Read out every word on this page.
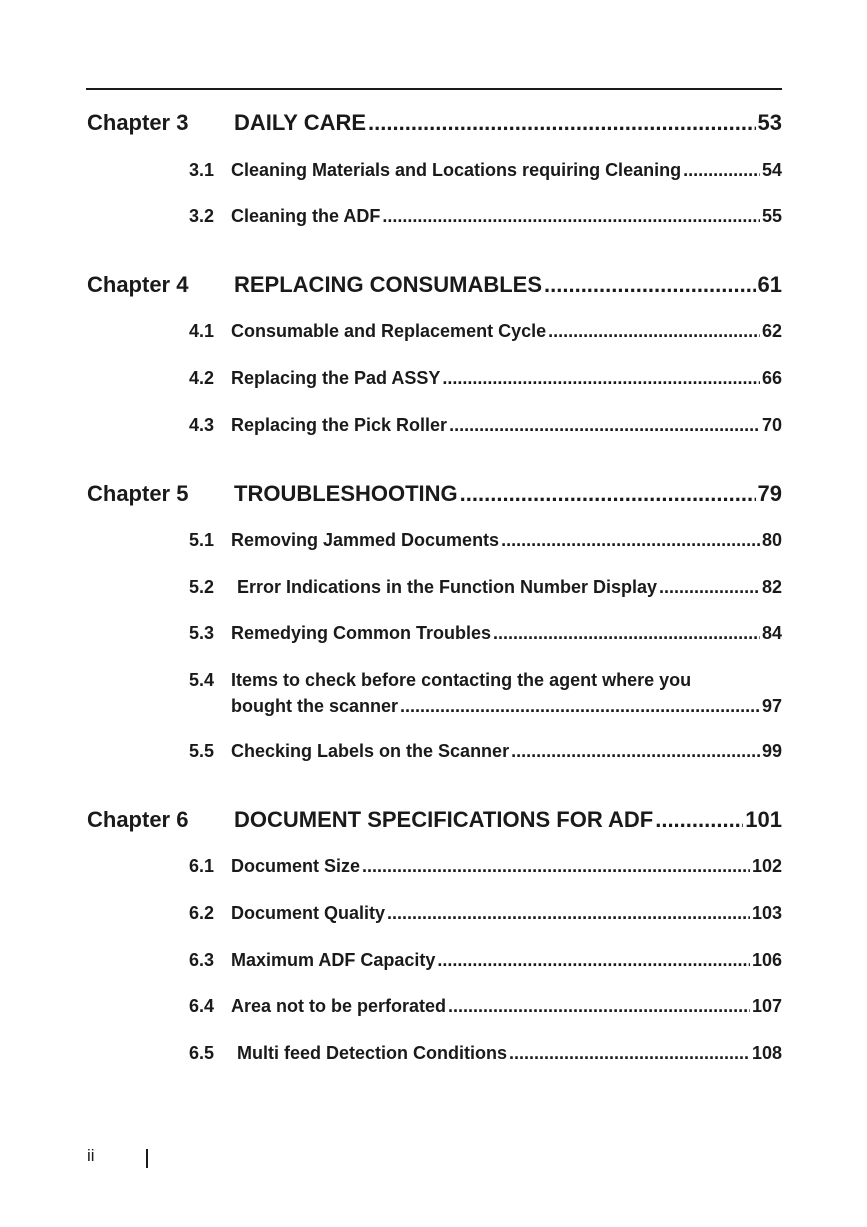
Chapter 3	DAILY CARE .....	53
3.1 Cleaning Materials and Locations requiring Cleaning .....	54
3.2 Cleaning the ADF .....	55
Chapter 4	REPLACING CONSUMABLES .....	61
4.1 Consumable and Replacement Cycle .....	62
4.2 Replacing the Pad ASSY .....	66
4.3 Replacing the Pick Roller .....	70
Chapter 5	TROUBLESHOOTING .....	79
5.1 Removing Jammed Documents .....	80
5.2	Error Indications in the Function Number Display .....	82
5.3 Remedying Common Troubles .....	84
5.4 Items to check before contacting the agent where you
bought the scanner .....	97
5.5 Checking Labels on the Scanner .....	99
Chapter 6	DOCUMENT SPECIFICATIONS FOR ADF .....	101
6.1 Document Size .....	102
6.2 Document Quality .....	103
6.3 Maximum ADF Capacity .....	106
6.4 Area not to be perforated .....	107
6.5	Multi feed Detection Conditions .....	108
ii
